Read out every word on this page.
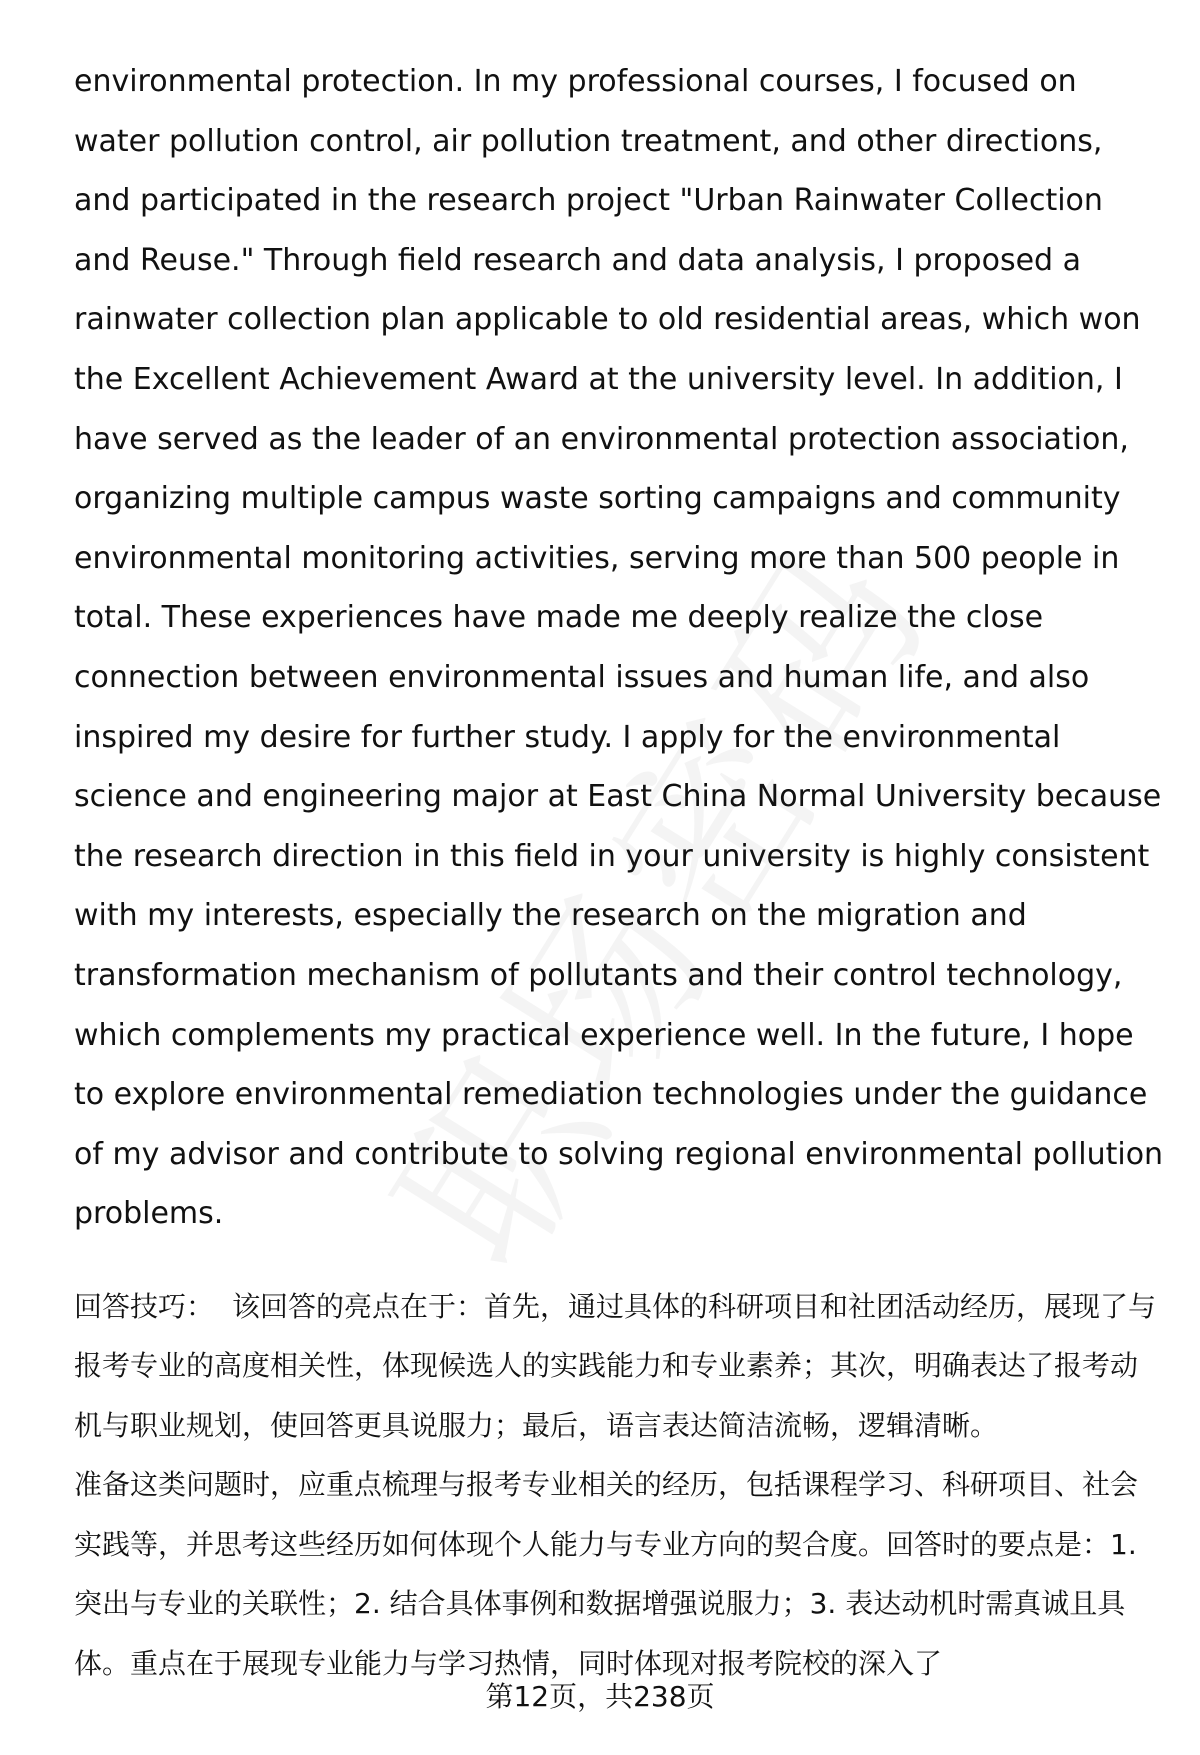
environmental protection. In my professional courses, I focused on water pollution control, air pollution treatment, and other directions, and participated in the research project "Urban Rainwater Collection and Reuse." Through field research and data analysis, I proposed a rainwater collection plan applicable to old residential areas, which won the Excellent Achievement Award at the university level. In addition, I have served as the leader of an environmental protection association, organizing multiple campus waste sorting campaigns and community environmental monitoring activities, serving more than 500 people in total. These experiences have made me deeply realize the close connection between environmental issues and human life, and also inspired my desire for further study. I apply for the environmental science and engineering major at East China Normal University because the research direction in this field in your university is highly consistent with my interests, especially the research on the migration and transformation mechanism of pollutants and their control technology, which complements my practical experience well. In the future, I hope to explore environmental remediation technologies under the guidance of my advisor and contribute to solving regional environmental pollution problems.

回答技巧： 该回答的亮点在于：首先，通过具体的科研项目和社团活动经历，展现了与报考专业的高度相关性，体现候选人的实践能力和专业素养；其次，明确表达了报考动机与职业规划，使回答更具说服力；最后，语言表达简洁流畅，逻辑清晰。

准备这类问题时，应重点梳理与报考专业相关的经历，包括课程学习、科研项目、社会实践等，并思考这些经历如何体现个人能力与专业方向的契合度。回答时的要点是：1. 突出与专业的关联性；2. 结合具体事例和数据增强说服力；3. 表达动机时需真诚且具体。重点在于展现专业能力与学习热情，同时体现对报考院校的深入了

第12页，共238页
